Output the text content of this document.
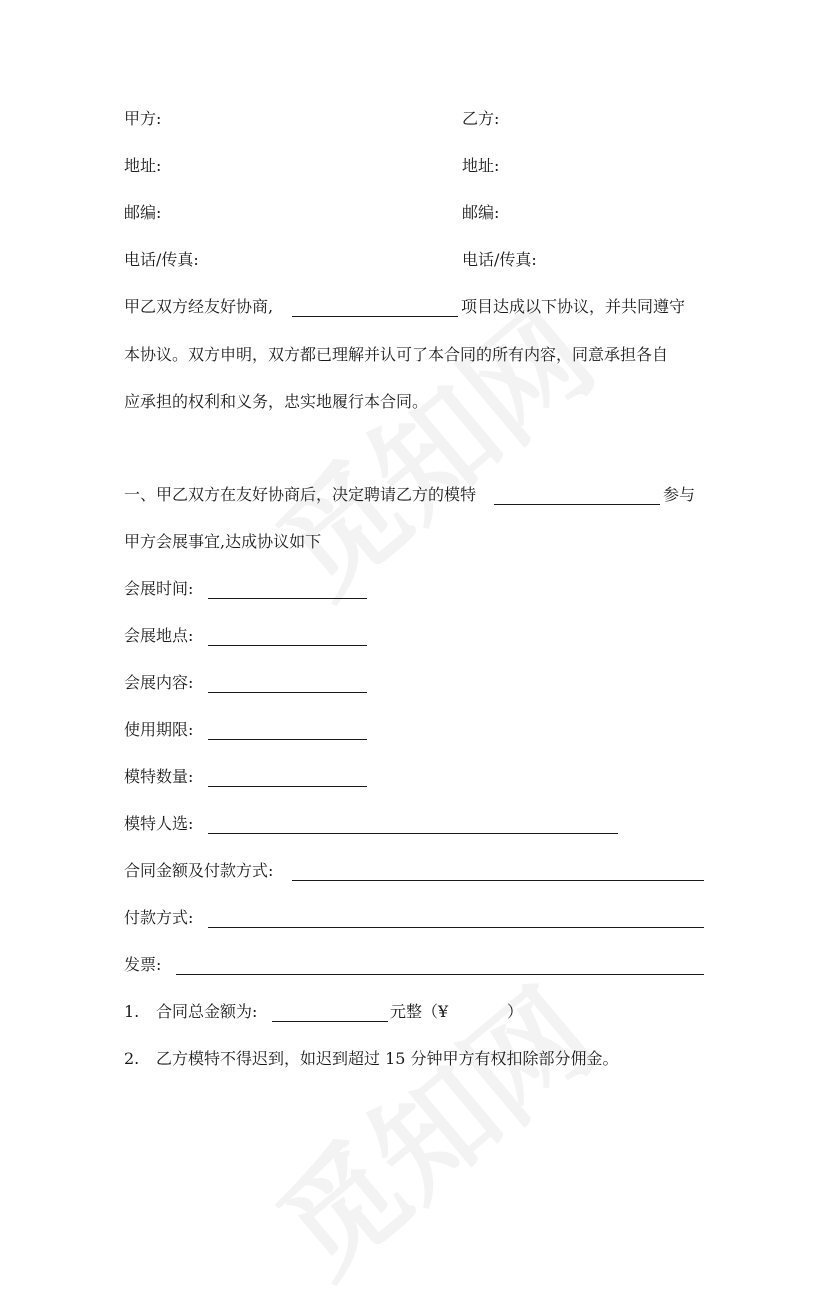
甲方:	乙方:
地址:	地址:
邮编:	邮编:
电话/传真:	电话/传真:
甲乙双方经友好协商,	项目达成以下协议，并共同遵守
本协议。双方申明，双方都已理解并认可了本合同的所有内容，同意承担各自
应承担的权利和义务，忠实地履行本合同。
一、甲乙双方在友好协商后，决定聘请乙方的模特	参与
甲方会展事宜,达成协议如下
会展时间:
会展地点:
会展内容:
使用期限:
模特数量:
模特人选:
合同金额及付款方式:
付款方式:
发票:
1. 合同总金额为:	元整（¥	）
2. 乙方模特不得迟到，如迟到超过 15 分钟甲方有权扣除部分佣金。
